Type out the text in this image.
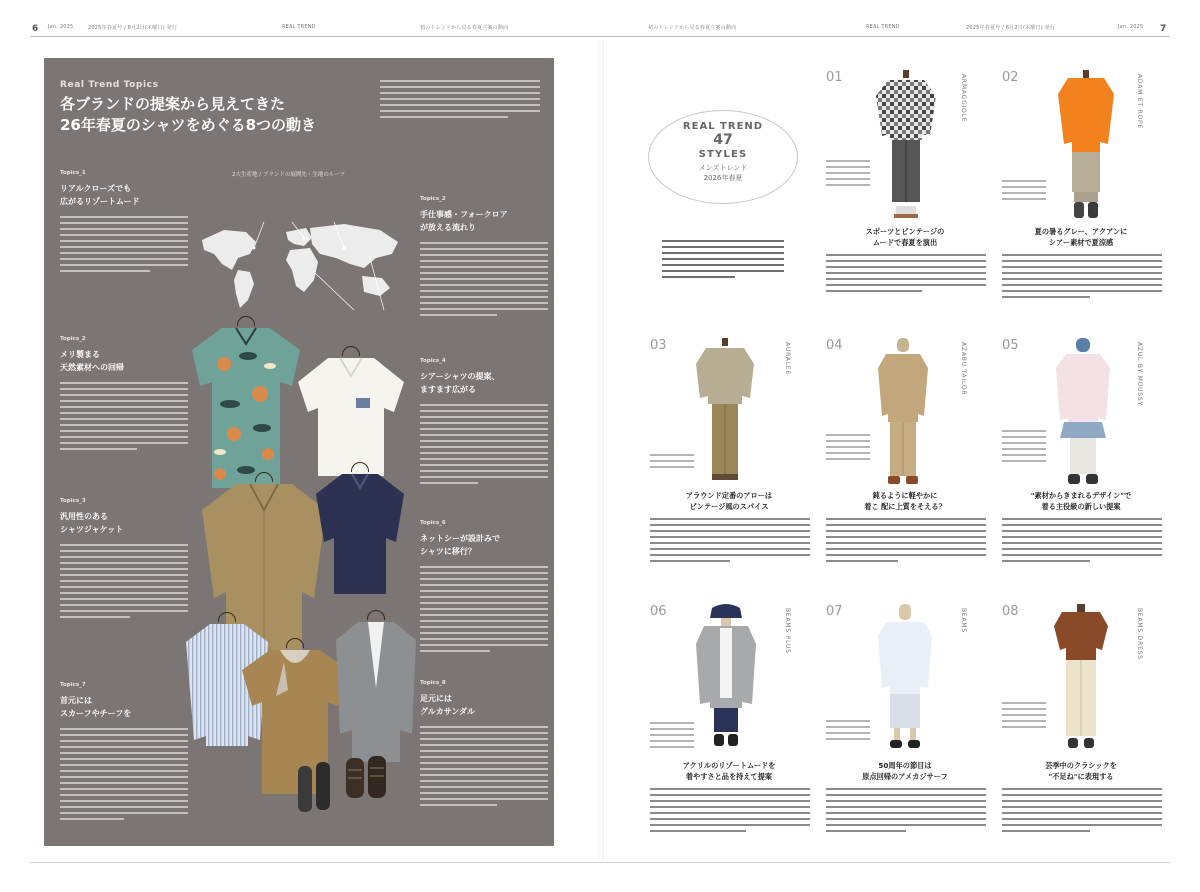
6 Jan. 2025	2025年春夏号 / 8月2日(木曜日) 発行	REAL TREND	初のトレンドから見る春夏立案の動向	初のトレンドから見る春夏立案の動向	REAL TREND	2025年春夏号 / 8月2日(木曜日) 発行	Jan. 2025 7
Real Trend Topics
各ブランドの提案から見えてきた
26年春夏のシャツをめぐる8つの動き
Topics_1
リアルクローズでも
広がるリゾートムード
Topics_2
メリ製まる
天然素材への回帰
Topics_3
汎用性のある
シャツジャケット
Topics_7
首元には
スカーフやチーフを
Topics_2
手仕事感・フォークロア
が放える流れり
Topics_4
シアーシャツの提案、
ますます広がる
Topics_6
ネットシーが設計みで
シャツに移行？
Topics_8
足元には
グルカサンダル
2大生産地 / ブランドの展開先・生地のルーツ
REAL TREND
47
STYLES
メンズトレンド
2026年春夏
01	ARMAGGIOLE
スポーツとビンテージの
ムードで春夏を演出
02	ADAM ET ROPE
夏の暑るグレー、アクアンに
シアー素材で夏涼感
03	AURALEE
アラウンド定番のアローは
ビンテージ風のスパイス
04	AZABU TAILOR
鈍るように軽やかに
着こ 配に上質をそえる？
05	AZUL BY MOUSSY
"素材からきまれるデザイン"で
着る主役級の新しい提案
06	BEAMS PLUS
アクリルのリゾートムードを
着やすさと品を持えて提案
07	BEAMS
50周年の節目は
原点回帰のアメカジサーフ
08	BEAMS DRESS
芸季中のクラシックを
"不足ね"に表現する
